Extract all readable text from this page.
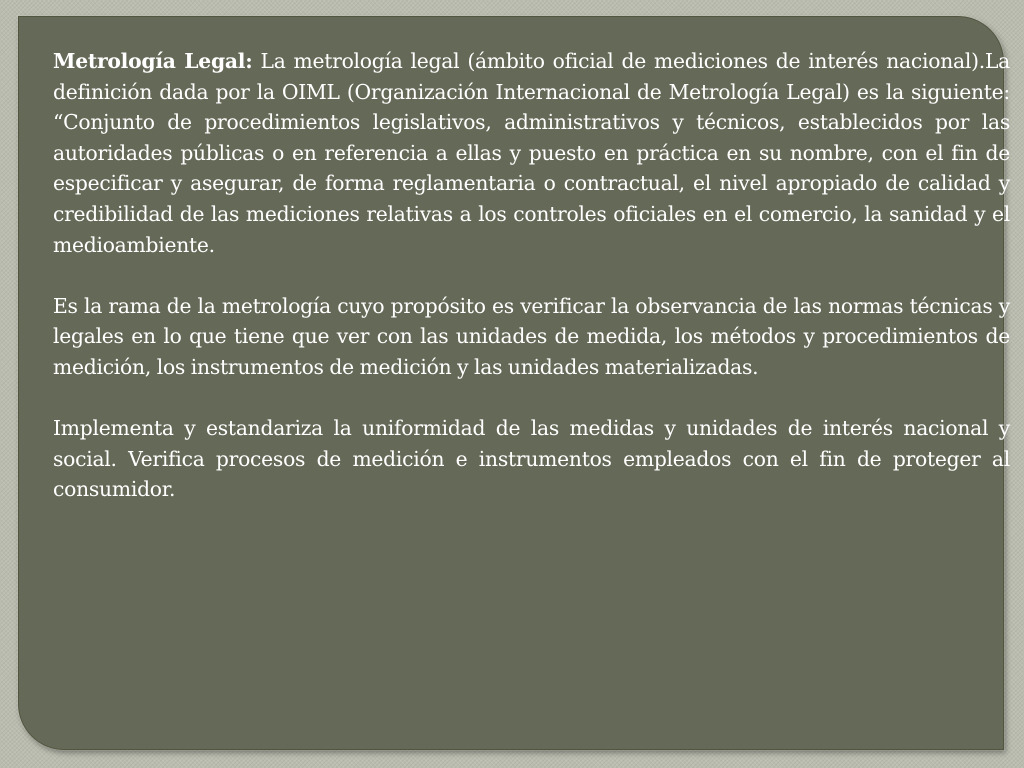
Metrología Legal: La metrología legal (ámbito oficial de mediciones de interés nacional).La definición dada por la OIML (Organización Internacional de Metrología Legal) es la siguiente: “Conjunto de procedimientos legislativos, administrativos y técnicos, establecidos por las autoridades públicas o en referencia a ellas y puesto en práctica en su nombre, con el fin de especificar y asegurar, de forma reglamentaria o contractual, el nivel apropiado de calidad y credibilidad de las mediciones relativas a los controles oficiales en el comercio, la sanidad y el medioambiente.

Es la rama de la metrología cuyo propósito es verificar la observancia de las normas técnicas y legales en lo que tiene que ver con las unidades de medida, los métodos y procedimientos de medición, los instrumentos de medición y las unidades materializadas.

Implementa y estandariza la uniformidad de las medidas y unidades de interés nacional y social. Verifica procesos de medición e instrumentos empleados con el fin de proteger al consumidor.
